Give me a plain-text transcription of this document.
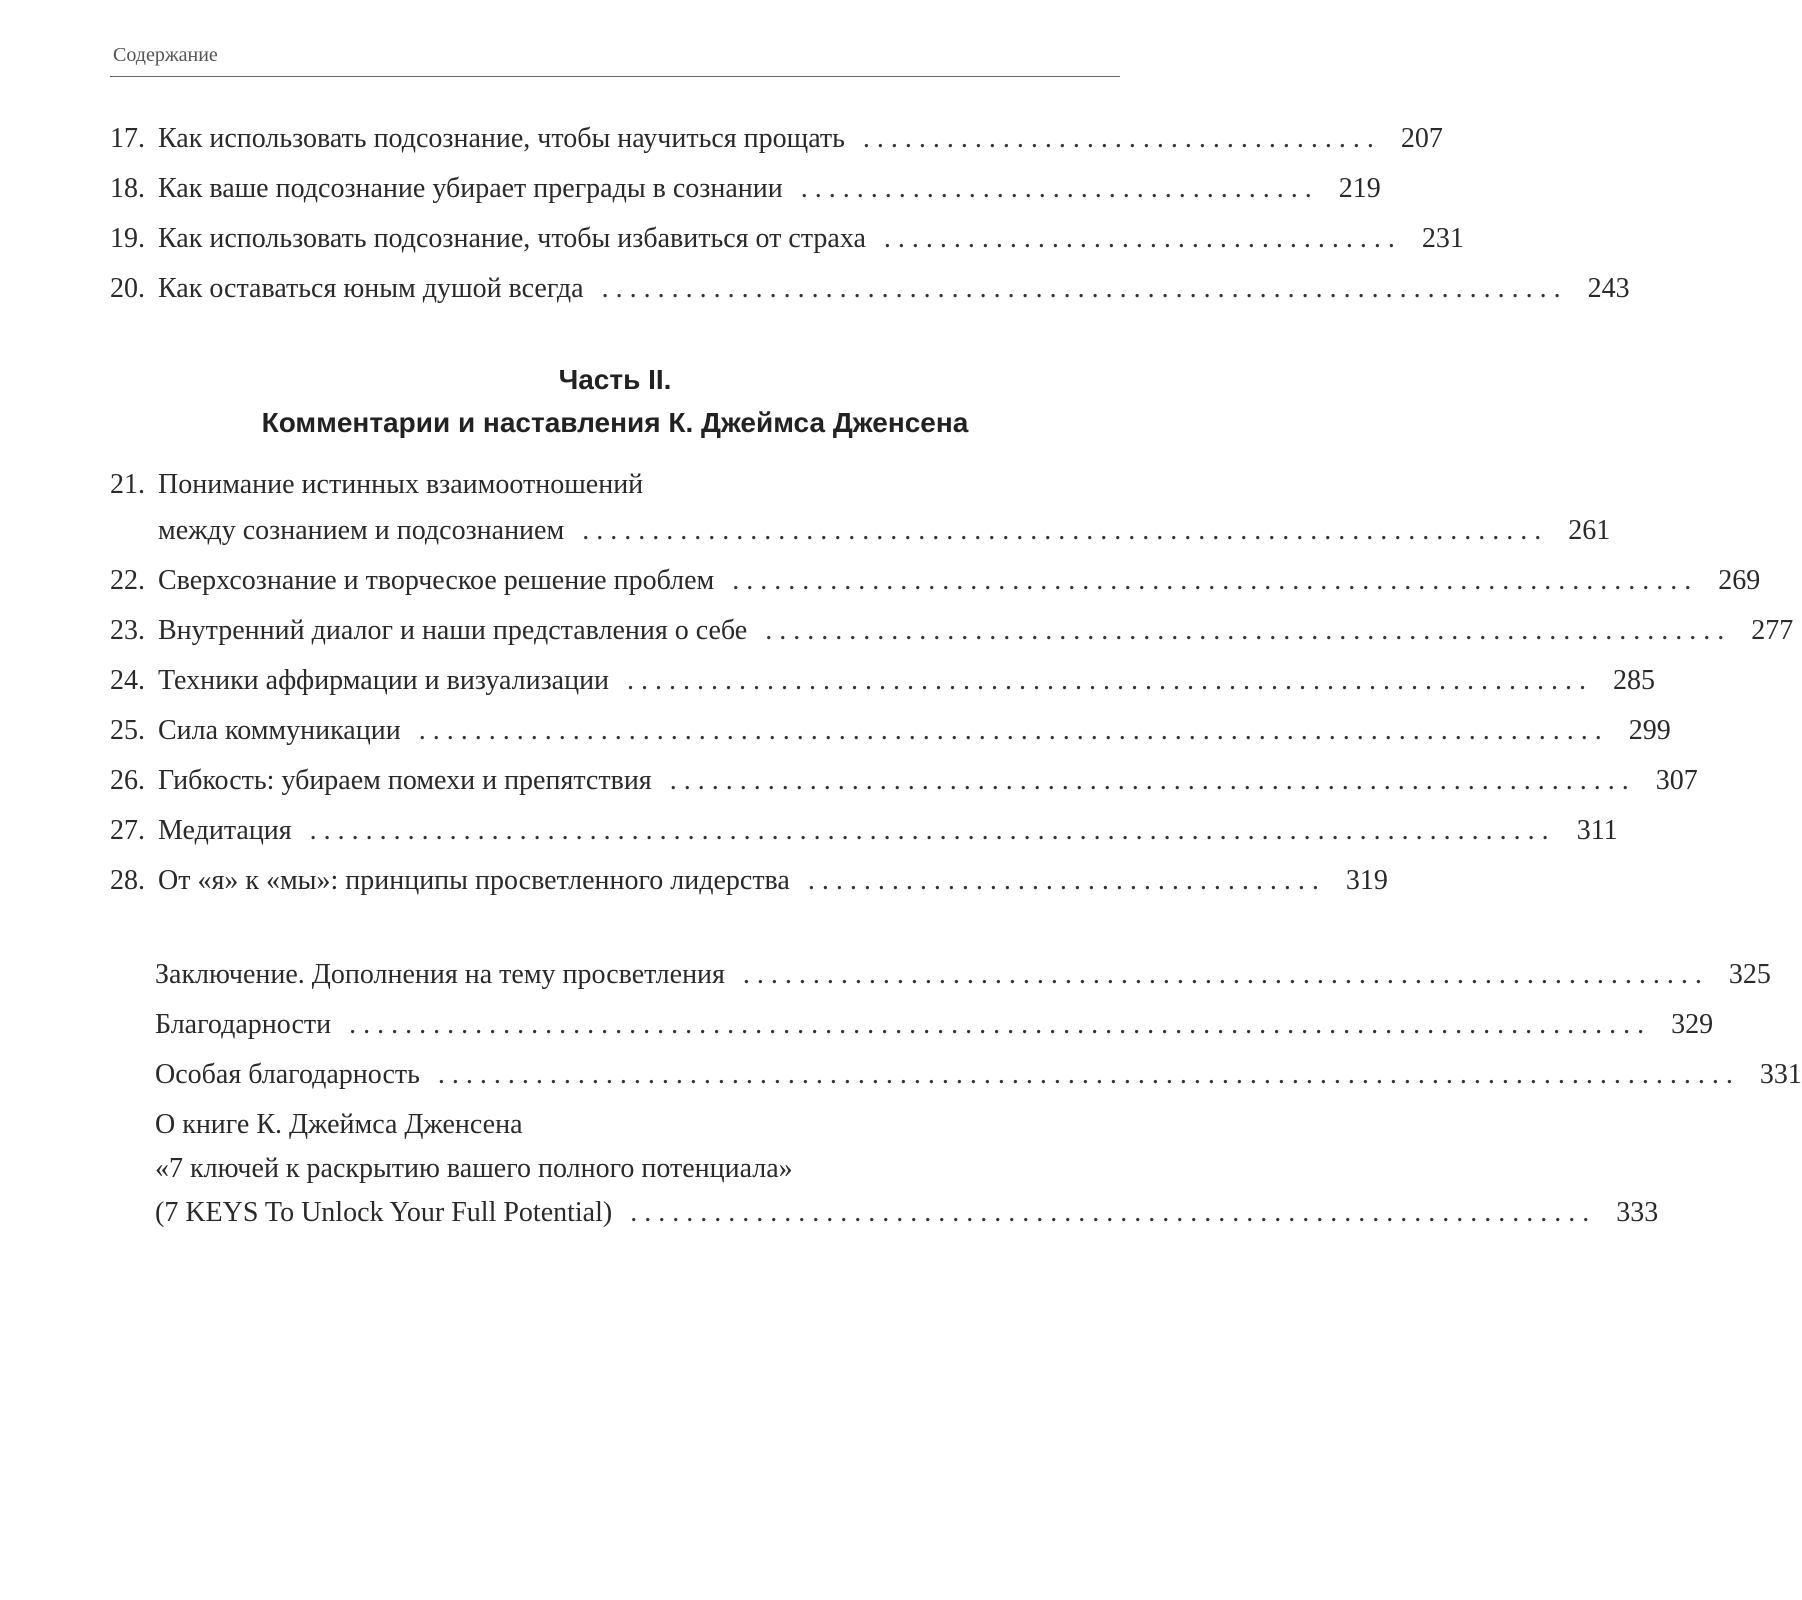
Содержание
17. Как использовать подсознание, чтобы научиться прощать ..................................... 207
18. Как ваше подсознание убирает преграды в сознании ..................................... 219
19. Как использовать подсознание, чтобы избавиться от страха ..................................... 231
20. Как оставаться юным душой всегда ..................................................................... 243
Часть II.
Комментарии и наставления К. Джеймса Дженсена
21. Понимание истинных взаимоотношений
между сознанием и подсознанием ..................................................................... 261
22. Сверхсознание и творческое решение проблем ..................................................................... 269
23. Внутренний диалог и наши представления о себе ..................................................................... 277
24. Техники аффирмации и визуализации ..................................................................... 285
25. Сила коммуникации ..................................................................................... 299
26. Гибкость: убираем помехи и препятствия ..................................................................... 307
27. Медитация ......................................................................................... 311
28. От «я» к «мы»: принципы просветленного лидерства ..................................... 319
Заключение. Дополнения на тему просветления ..................................................................... 325
Благодарности ............................................................................................. 329
Особая благодарность ............................................................................................. 331
О книге К. Джеймса Дженсена
«7 ключей к раскрытию вашего полного потенциала»
(7 KEYS To Unlock Your Full Potential) ..................................................................... 333
